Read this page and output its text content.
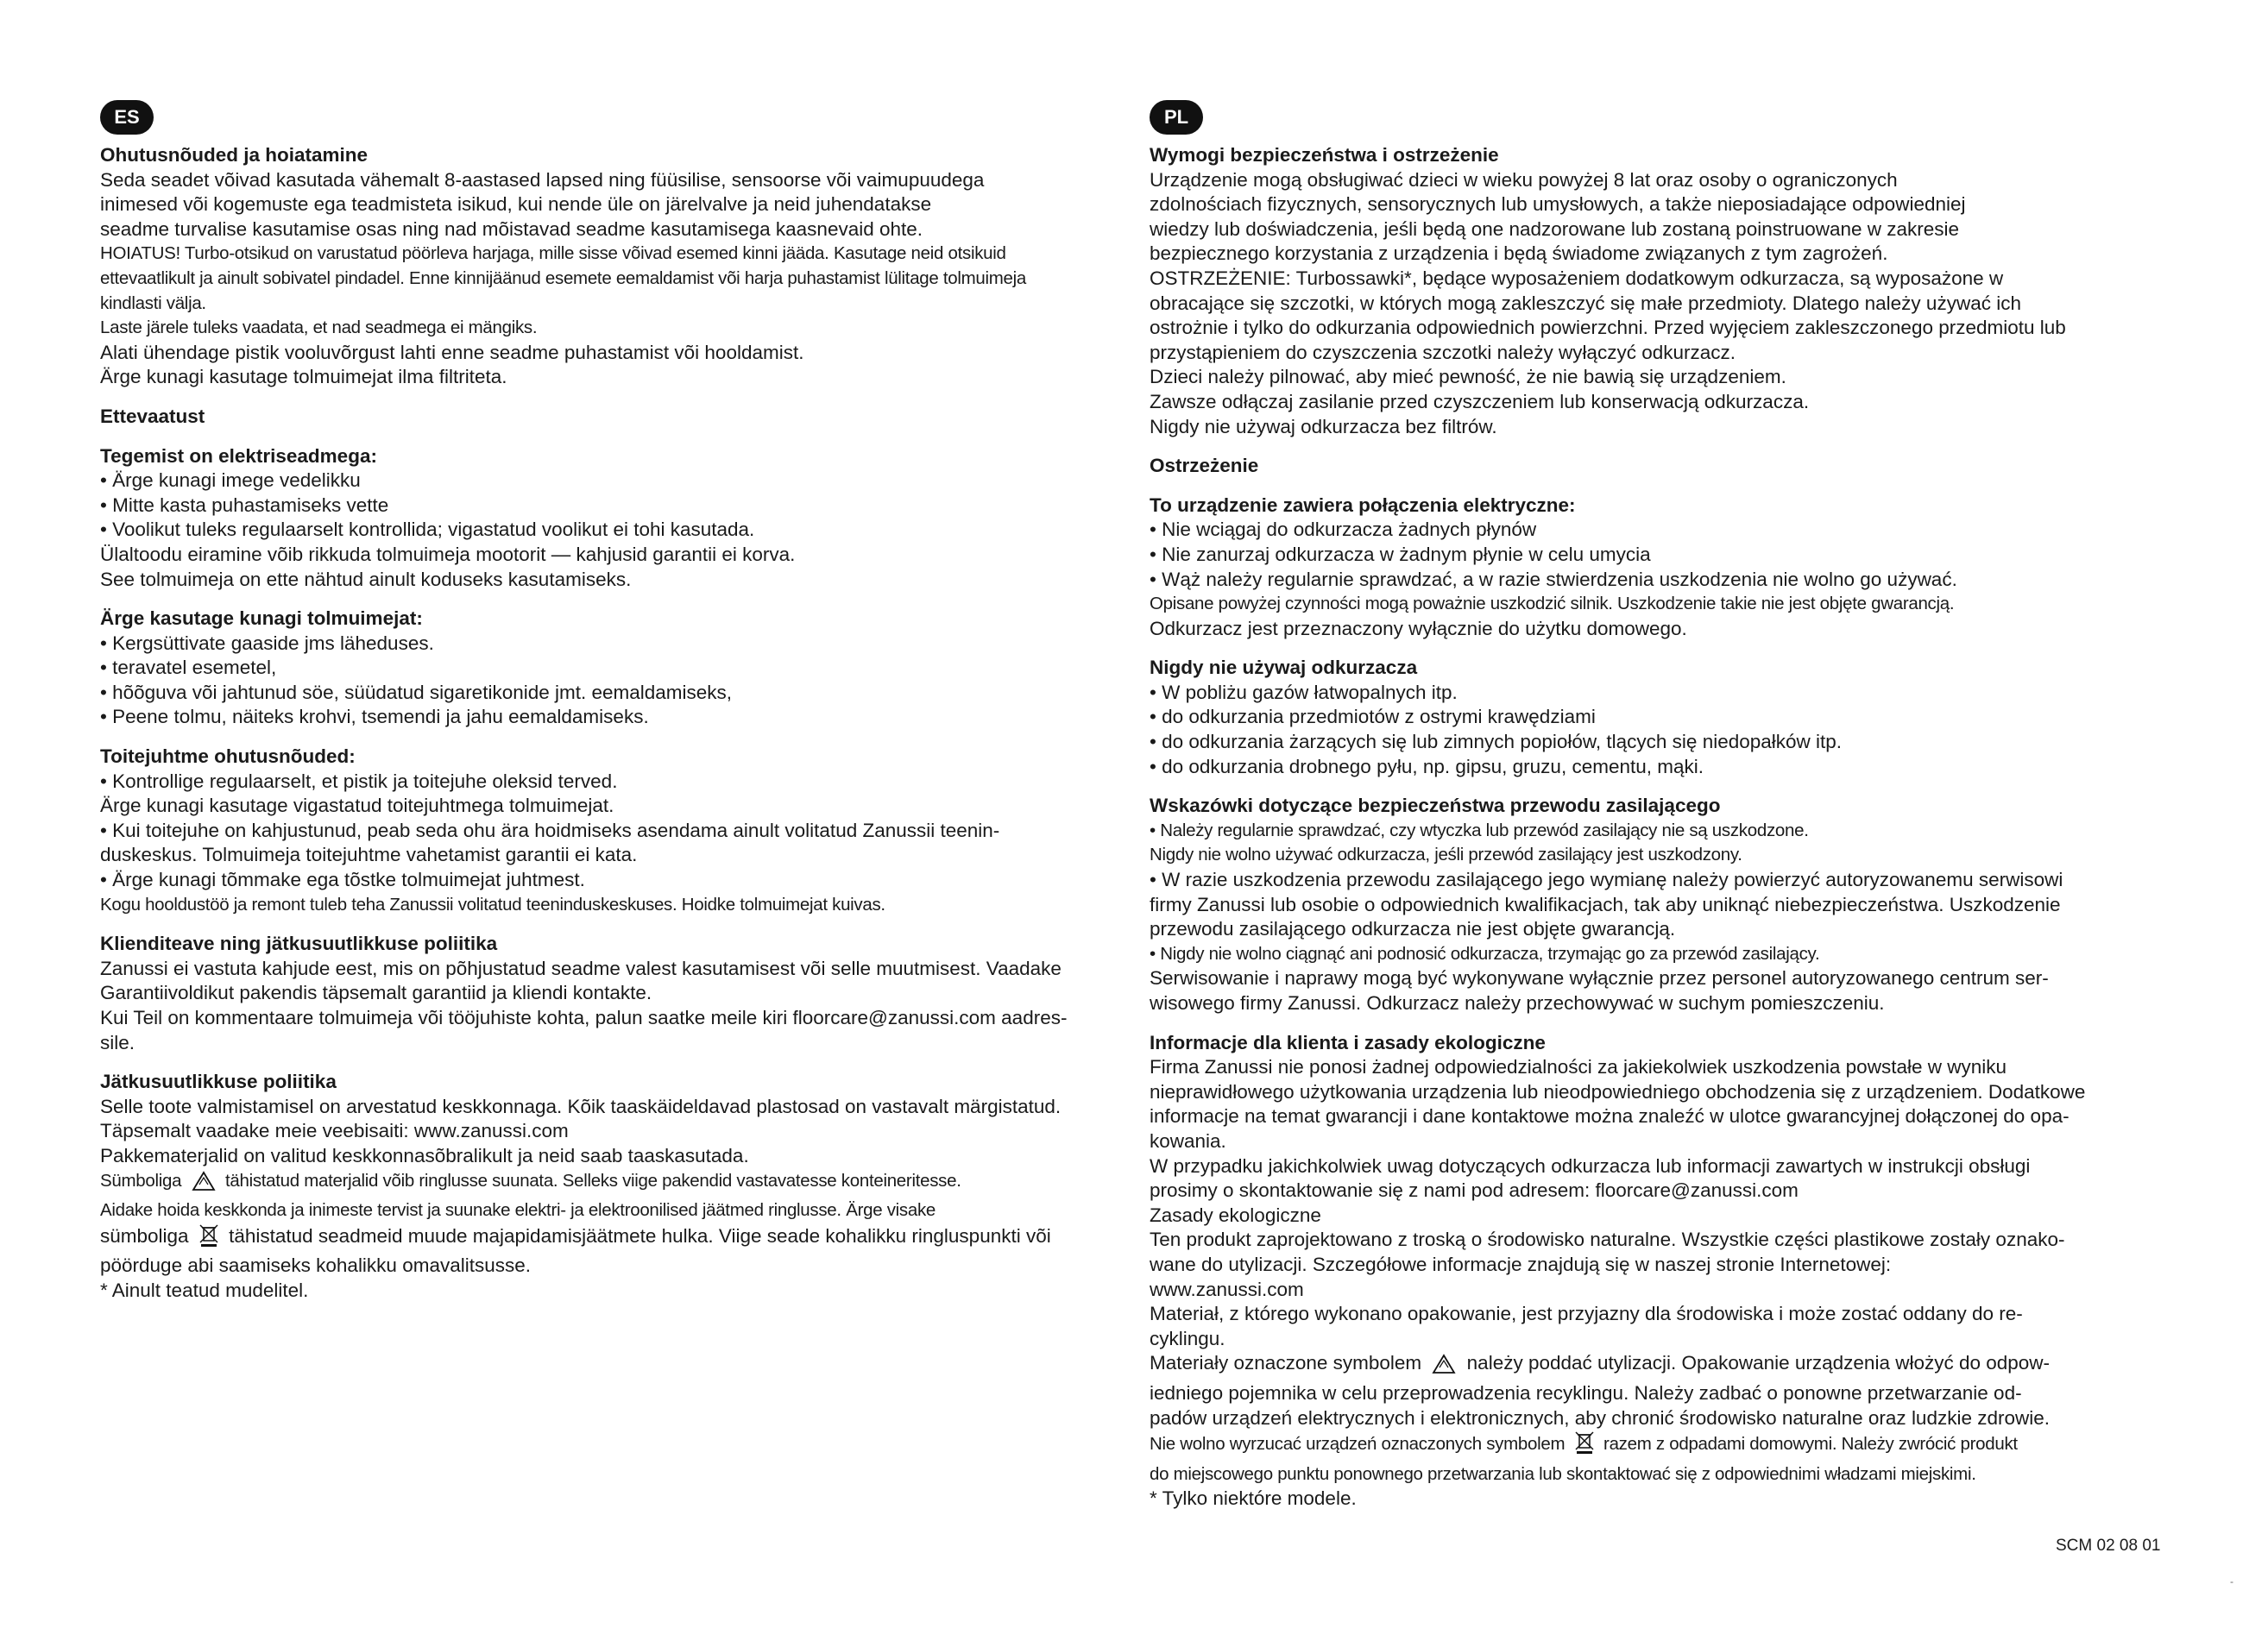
ES
Ohutusnõuded ja hoiatamine
Seda seadet võivad kasutada vähemalt 8-aastased lapsed ning füüsilise, sensoorse või vaimupuudega
inimesed või kogemuste ega teadmisteta isikud, kui nende üle on järelvalve ja neid juhendatakse
seadme turvalise kasutamise osas ning nad mõistavad seadme kasutamisega kaasnevaid ohte.
HOIATUS! Turbo-otsikud on varustatud pöörleva harjaga, mille sisse võivad esemed kinni jääda. Kasutage neid otsikuid
ettevaatlikult ja ainult sobivatel pindadel. Enne kinnijäänud esemete eemaldamist või harja puhastamist lülitage tolmuimeja
kindlasti välja.
Laste järele tuleks vaadata, et nad seadmega ei mängiks.
Alati ühendage pistik vooluvõrgust lahti enne seadme puhastamist või hooldamist.
Ärge kunagi kasutage tolmuimejat ilma filtriteta.
Ettevaatust
Tegemist on elektriseadmega:
• Ärge kunagi imege vedelikku
• Mitte kasta puhastamiseks vette
• Voolikut tuleks regulaarselt kontrollida; vigastatud voolikut ei tohi kasutada.
Ülaltoodu eiramine võib rikkuda tolmuimeja mootorit — kahjusid garantii ei korva.
See tolmuimeja on ette nähtud ainult koduseks kasutamiseks.
Ärge kasutage kunagi tolmuimejat:
• Kergsüttivate gaaside jms läheduses.
• teravatel esemetel,
• hõõguva või jahtunud söe, süüdatud sigaretikonide jmt. eemaldamiseks,
• Peene tolmu, näiteks krohvi, tsemendi ja jahu eemaldamiseks.
Toitejuhtme ohutusnõuded:
• Kontrollige regulaarselt, et pistik ja toitejuhe oleksid terved.
Ärge kunagi kasutage vigastatud toitejuhtmega tolmuimejat.
• Kui toitejuhe on kahjustunud, peab seda ohu ära hoidmiseks asendama ainult volitatud Zanussii teenin-
duskeskus. Tolmuimeja toitejuhtme vahetamist garantii ei kata.
• Ärge kunagi tõmmake ega tõstke tolmuimejat juhtmest.
Kogu hooldustöö ja remont tuleb teha Zanussii volitatud teeninduskeskuses. Hoidke tolmuimejat kuivas.
Klienditeave ning jätkusuutlikkuse poliitika
Zanussi ei vastuta kahjude eest, mis on põhjustatud seadme valest kasutamisest või selle muutmisest. Vaadake
Garantiivoldikut pakendis täpsemalt garantiid ja kliendi kontakte.
Kui Teil on kommentaare tolmuimeja või tööjuhiste kohta, palun saatke meile kiri floorcare@zanussi.com aadres-
sile.
Jätkusuutlikkuse poliitika
Selle toote valmistamisel on arvestatud keskkonnaga. Kõik taaskäideldavad plastosad on vastavalt märgistatud.
Täpsemalt vaadake meie veebisaiti: www.zanussi.com
Pakkematerjalid on valitud keskkonnasõbralikult ja neid saab taaskasutada.
Sümboliga tähistatud materjalid võib ringlusse suunata. Selleks viige pakendid vastavatesse konteineritesse.
Aidake hoida keskkonda ja inimeste tervist ja suunake elektri- ja elektroonilised jäätmed ringlusse. Ärge visake
sümboliga tähistatud seadmeid muude majapidamisjäätmete hulka. Viige seade kohalikku ringluspunkti või
pöörduge abi saamiseks kohalikku omavalitsusse.
* Ainult teatud mudelitel.
PL
Wymogi bezpieczeństwa i ostrzeżenie
Urządzenie mogą obsługiwać dzieci w wieku powyżej 8 lat oraz osoby o ograniczonych
zdolnościach fizycznych, sensorycznych lub umysłowych, a także nieposiadające odpowiedniej
wiedzy lub doświadczenia, jeśli będą one nadzorowane lub zostaną poinstruowane w zakresie
bezpiecznego korzystania z urządzenia i będą świadome związanych z tym zagrożeń.
OSTRZEŻENIE: Turbossawki*, będące wyposażeniem dodatkowym odkurzacza, są wyposażone w
obracające się szczotki, w których mogą zakleszczyć się małe przedmioty. Dlatego należy używać ich
ostrożnie i tylko do odkurzania odpowiednich powierzchni. Przed wyjęciem zakleszczonego przedmiotu lub
przystąpieniem do czyszczenia szczotki należy wyłączyć odkurzacz.
Dzieci należy pilnować, aby mieć pewność, że nie bawią się urządzeniem.
Zawsze odłączaj zasilanie przed czyszczeniem lub konserwacją odkurzacza.
Nigdy nie używaj odkurzacza bez filtrów.
Ostrzeżenie
To urządzenie zawiera połączenia elektryczne:
• Nie wciągaj do odkurzacza żadnych płynów
• Nie zanurzaj odkurzacza w żadnym płynie w celu umycia
• Wąż należy regularnie sprawdzać, a w razie stwierdzenia uszkodzenia nie wolno go używać.
Opisane powyżej czynności mogą poważnie uszkodzić silnik. Uszkodzenie takie nie jest objęte gwarancją.
Odkurzacz jest przeznaczony wyłącznie do użytku domowego.
Nigdy nie używaj odkurzacza
• W pobliżu gazów łatwopalnych itp.
• do odkurzania przedmiotów z ostrymi krawędziami
• do odkurzania żarzących się lub zimnych popiołów, tlących się niedopałków itp.
• do odkurzania drobnego pyłu, np. gipsu, gruzu, cementu, mąki.
Wskazówki dotyczące bezpieczeństwa przewodu zasilającego
• Należy regularnie sprawdzać, czy wtyczka lub przewód zasilający nie są uszkodzone.
Nigdy nie wolno używać odkurzacza, jeśli przewód zasilający jest uszkodzony.
• W razie uszkodzenia przewodu zasilającego jego wymianę należy powierzyć autoryzowanemu serwisowi
firmy Zanussi lub osobie o odpowiednich kwalifikacjach, tak aby uniknąć niebezpieczeństwa. Uszkodzenie
przewodu zasilającego odkurzacza nie jest objęte gwarancją.
• Nigdy nie wolno ciągnąć ani podnosić odkurzacza, trzymając go za przewód zasilający.
Serwisowanie i naprawy mogą być wykonywane wyłącznie przez personel autoryzowanego centrum ser-
wisowego firmy Zanussi. Odkurzacz należy przechowywać w suchym pomieszczeniu.
Informacje dla klienta i zasady ekologiczne
Firma Zanussi nie ponosi żadnej odpowiedzialności za jakiekolwiek uszkodzenia powstałe w wyniku
nieprawidłowego użytkowania urządzenia lub nieodpowiedniego obchodzenia się z urządzeniem. Dodatkowe
informacje na temat gwarancji i dane kontaktowe można znaleźć w ulotce gwarancyjnej dołączonej do opa-
kowania.
W przypadku jakichkolwiek uwag dotyczących odkurzacza lub informacji zawartych w instrukcji obsługi
prosimy o skontaktowanie się z nami pod adresem: floorcare@zanussi.com
Zasady ekologiczne
Ten produkt zaprojektowano z troską o środowisko naturalne. Wszystkie części plastikowe zostały oznako-
wane do utylizacji. Szczegółowe informacje znajdują się w naszej stronie Internetowej:
www.zanussi.com
Materiał, z którego wykonano opakowanie, jest przyjazny dla środowiska i może zostać oddany do re-
cyklingu.
Materiały oznaczone symbolem należy poddać utylizacji. Opakowanie urządzenia włożyć do odpow-
iedniego pojemnika w celu przeprowadzenia recyklingu. Należy zadbać o ponowne przetwarzanie od-
padów urządzeń elektrycznych i elektronicznych, aby chronić środowisko naturalne oraz ludzkie zdrowie.
Nie wolno wyrzucać urządzeń oznaczonych symbolem razem z odpadami domowymi. Należy zwrócić produkt
do miejscowego punktu ponownego przetwarzania lub skontaktować się z odpowiednimi władzami miejskimi.
* Tylko niektóre modele.
SCM 02 08 01
-
